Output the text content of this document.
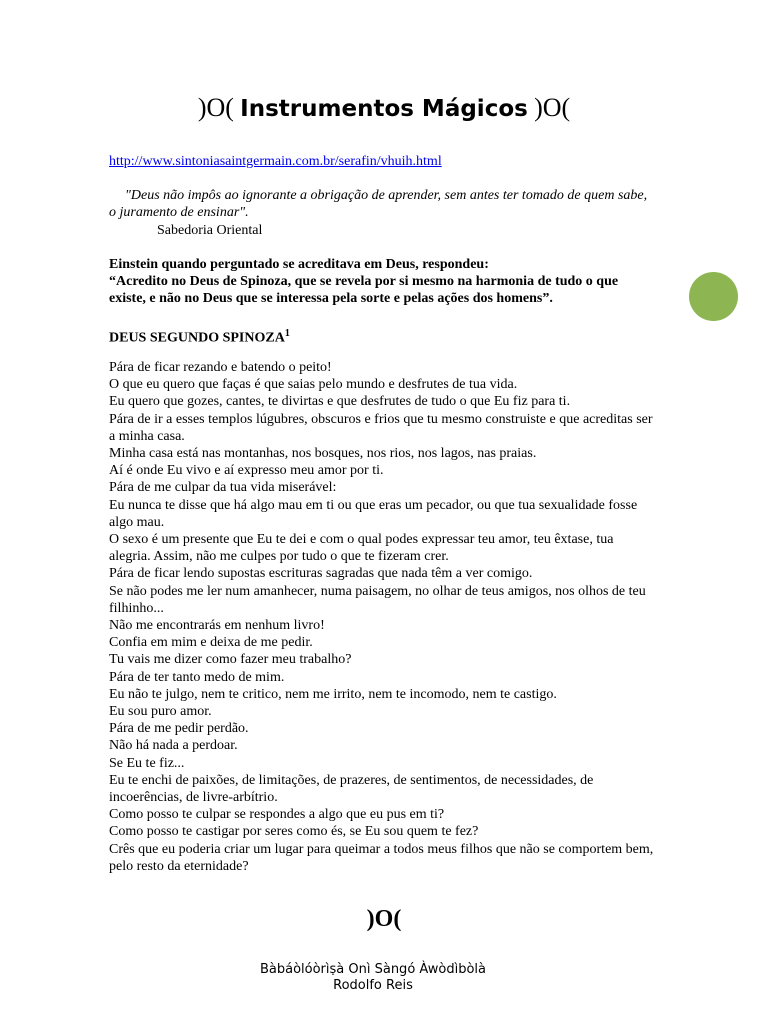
)O( Instrumentos Mágicos )O(
http://www.sintoniasaintgermain.com.br/serafin/vhuih.html
"Deus não impôs ao ignorante a obrigação de aprender, sem antes ter tomado de quem sabe, o juramento de ensinar".
Sabedoria Oriental
Einstein quando perguntado se acreditava em Deus, respondeu:
“Acredito no Deus de Spinoza, que se revela por si mesmo na harmonia de tudo o que existe, e não no Deus que se interessa pela sorte e pelas ações dos homens”.
DEUS SEGUNDO SPINOZA$^1$
Pára de ficar rezando e batendo o peito!
O que eu quero que faças é que saias pelo mundo e desfrutes de tua vida.
Eu quero que gozes, cantes, te divirtas e que desfrutes de tudo o que Eu fiz para ti.
Pára de ir a esses templos lúgubres, obscuros e frios que tu mesmo construiste e que acreditas ser a minha casa.
Minha casa está nas montanhas, nos bosques, nos rios, nos lagos, nas praias.
Aí é onde Eu vivo e aí expresso meu amor por ti.
Pára de me culpar da tua vida miserável:
Eu nunca te disse que há algo mau em ti ou que eras um pecador, ou que tua sexualidade fosse algo mau.
O sexo é um presente que Eu te dei e com o qual podes expressar teu amor, teu êxtase, tua alegria. Assim, não me culpes por tudo o que te fizeram crer.
Pára de ficar lendo supostas escrituras sagradas que nada têm a ver comigo.
Se não podes me ler num amanhecer, numa paisagem, no olhar de teus amigos, nos olhos de teu filhinho...
Não me encontrarás em nenhum livro!
Confia em mim e deixa de me pedir.
Tu vais me dizer como fazer meu trabalho?
Pára de ter tanto medo de mim.
Eu não te julgo, nem te critico, nem me irrito, nem te incomodo, nem te castigo.
Eu sou puro amor.
Pára de me pedir perdão.
Não há nada a perdoar.
Se Eu te fiz...
Eu te enchi de paixões, de limitações, de prazeres, de sentimentos, de necessidades, de incoerências, de livre-arbítrio.
Como posso te culpar se respondes a algo que eu pus em ti?
Como posso te castigar por seres como és, se Eu sou quem te fez?
Crês que eu poderia criar um lugar para queimar a todos meus filhos que não se comportem bem, pelo resto da eternidade?
)O(
Bàbáòlóòrìṣà Onì Sàngó Àwòdìbòlà
Rodolfo Reis
